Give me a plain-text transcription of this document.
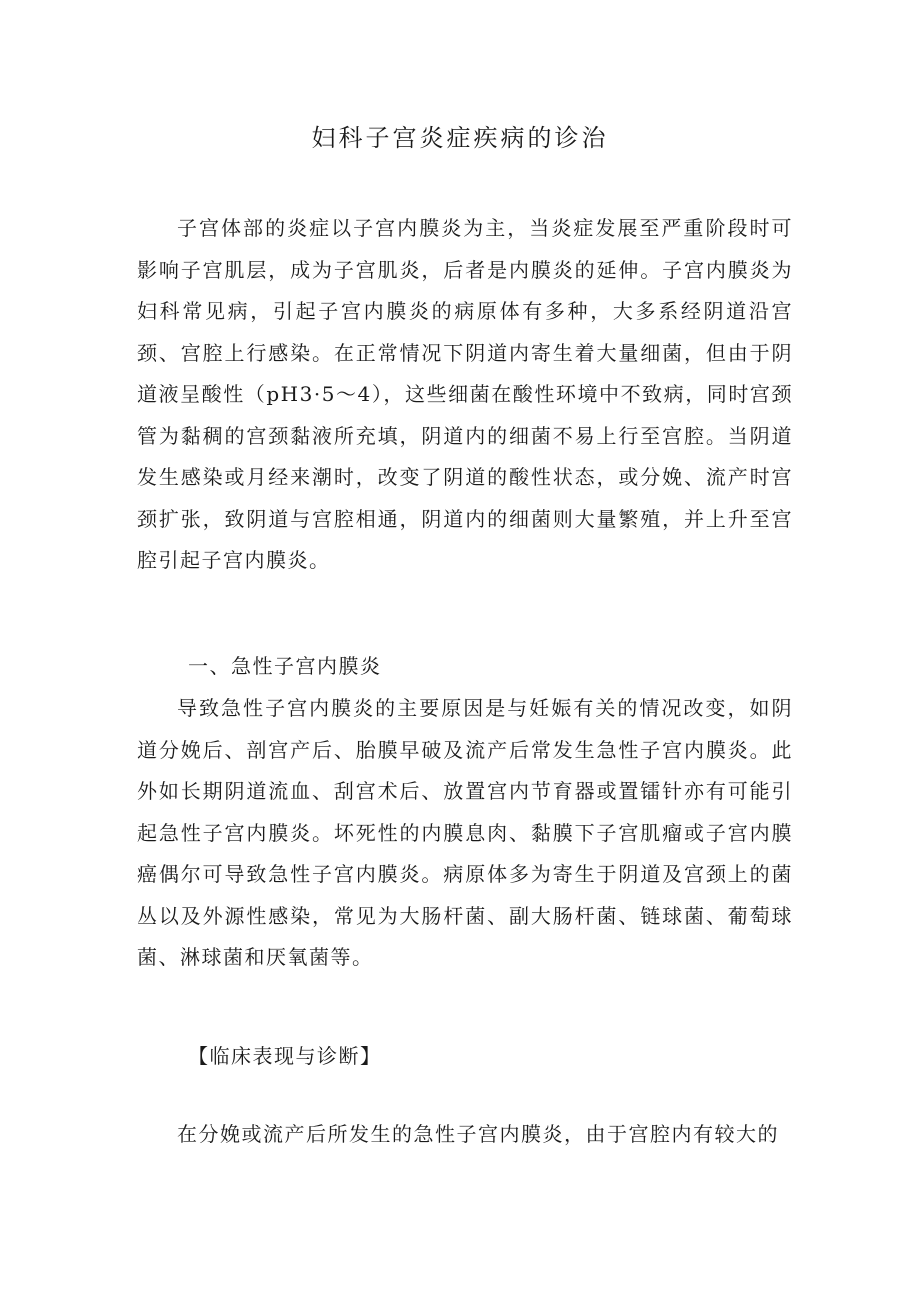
妇科子宫炎症疾病的诊治

子宫体部的炎症以子宫内膜炎为主，当炎症发展至严重阶段时可影响子宫肌层，成为子宫肌炎，后者是内膜炎的延伸。子宫内膜炎为妇科常见病，引起子宫内膜炎的病原体有多种，大多系经阴道沿宫颈、宫腔上行感染。在正常情况下阴道内寄生着大量细菌，但由于阴道液呈酸性（pH3·5～4），这些细菌在酸性环境中不致病，同时宫颈管为黏稠的宫颈黏液所充填，阴道内的细菌不易上行至宫腔。当阴道发生感染或月经来潮时，改变了阴道的酸性状态，或分娩、流产时宫颈扩张，致阴道与宫腔相通，阴道内的细菌则大量繁殖，并上升至宫腔引起子宫内膜炎。

一、急性子宫内膜炎

导致急性子宫内膜炎的主要原因是与妊娠有关的情况改变，如阴道分娩后、剖宫产后、胎膜早破及流产后常发生急性子宫内膜炎。此外如长期阴道流血、刮宫术后、放置宫内节育器或置镭针亦有可能引起急性子宫内膜炎。坏死性的内膜息肉、黏膜下子宫肌瘤或子宫内膜癌偶尔可导致急性子宫内膜炎。病原体多为寄生于阴道及宫颈上的菌丛以及外源性感染，常见为大肠杆菌、副大肠杆菌、链球菌、葡萄球菌、淋球菌和厌氧菌等。

【临床表现与诊断】

在分娩或流产后所发生的急性子宫内膜炎，由于宫腔内有较大的
